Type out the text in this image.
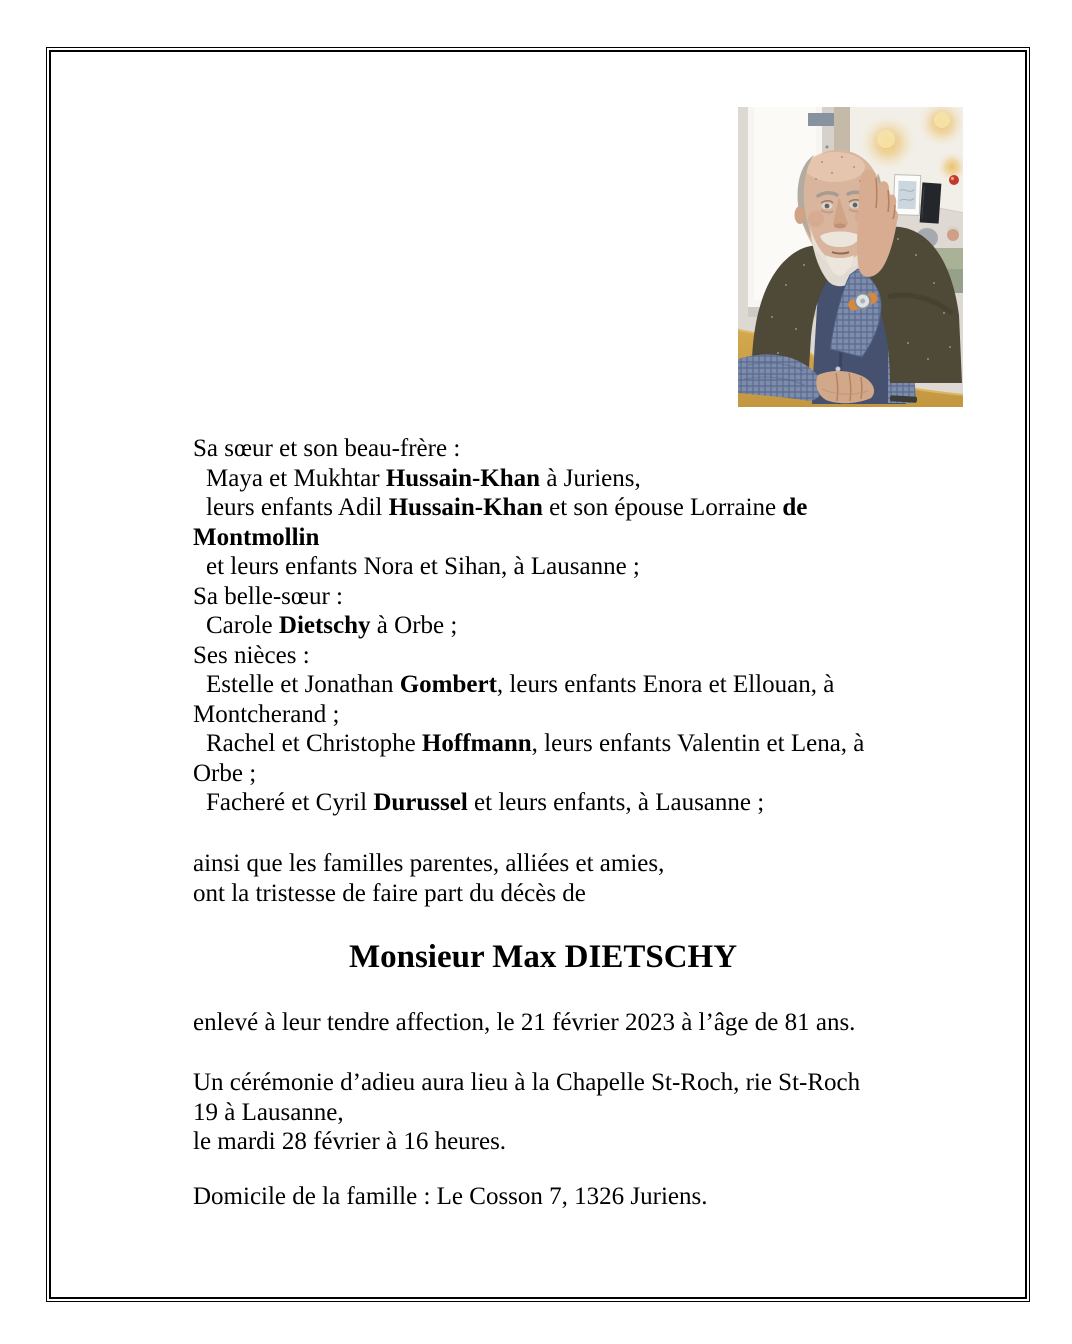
Sa sœur et son beau-frère :
Maya et Mukhtar Hussain-Khan à Juriens,
leurs enfants Adil Hussain-Khan et son épouse Lorraine de
Montmollin
et leurs enfants Nora et Sihan, à Lausanne ;
Sa belle-sœur :
Carole Dietschy à Orbe ;
Ses nièces :
Estelle et Jonathan Gombert, leurs enfants Enora et Ellouan, à
Montcherand ;
Rachel et Christophe Hoffmann, leurs enfants Valentin et Lena, à
Orbe ;
Facheré et Cyril Durussel et leurs enfants, à Lausanne ;
ainsi que les familles parentes, alliées et amies,
ont la tristesse de faire part du décès de
Monsieur Max DIETSCHY
enlevé à leur tendre affection, le 21 février 2023 à l’âge de 81 ans.
Un cérémonie d’adieu aura lieu à la Chapelle St-Roch, rie St-Roch
19 à Lausanne,
le mardi 28 février à 16 heures.
Domicile de la famille : Le Cosson 7, 1326 Juriens.
